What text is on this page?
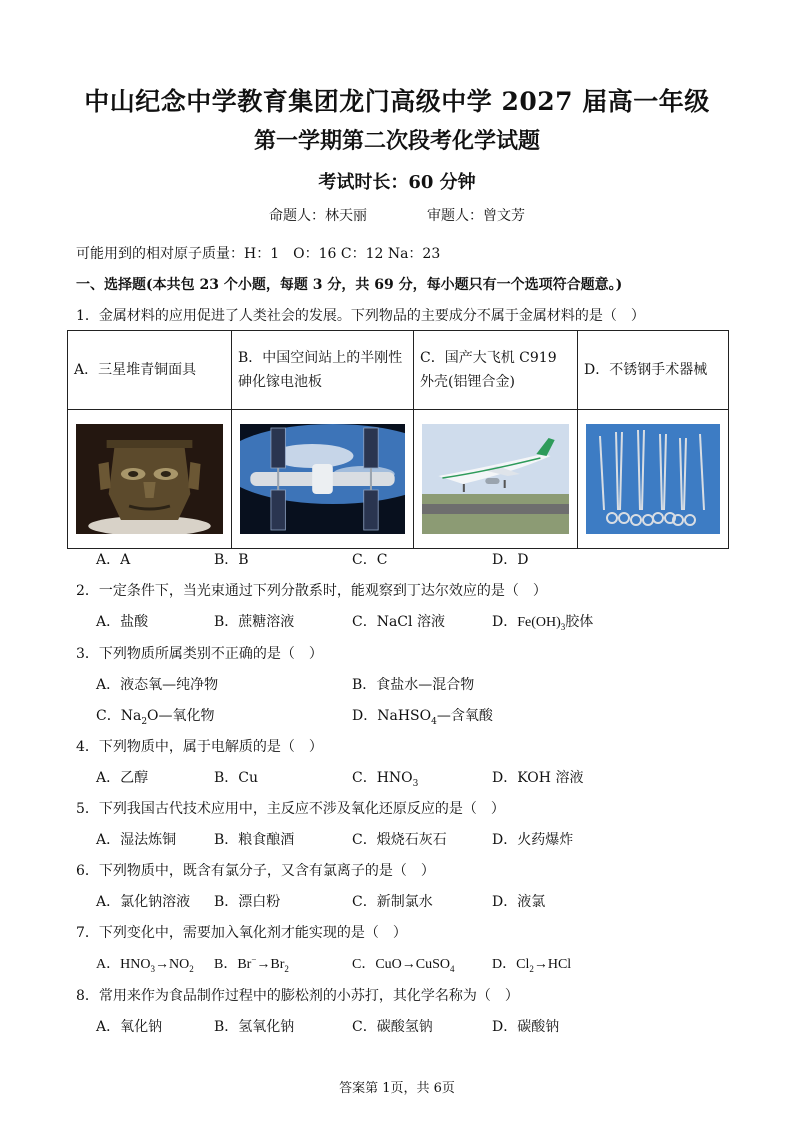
中山纪念中学教育集团龙门高级中学 2027 届高一年级
第一学期第二次段考化学试题
考试时长：60 分钟
命题人：林天丽	审题人：曾文芳
可能用到的相对原子质量：H：1　O：16 C：12 Na：23
一、选择题(本共包 23 个小题，每题 3 分，共 69 分，每小题只有一个选项符合题意。)
1．金属材料的应用促进了人类社会的发展。下列物品的主要成分不属于金属材料的是（　）
A．三星堆青铜面具	B．中国空间站上的半刚性砷化镓电池板	C．国产大飞机 C919 外壳(铝锂合金)	D．不锈钢手术器械

A．A	B．B	C．C	D．D
2．一定条件下，当光束通过下列分散系时，能观察到丁达尔效应的是（　）
A．盐酸	B．蔗糖溶液	C．NaCl 溶液	D．$Fe(OH)_3$胶体
3．下列物质所属类别不正确的是（　）
A．液态氧—纯净物	B．食盐水—混合物
C．$Na_2O—$氧化物	D．NaHSO$_4$—含氧酸
4．下列物质中，属于电解质的是（　）
A．乙醇	B．Cu	C．$HNO_3$	D．KOH 溶液
5．下列我国古代技术应用中，主反应不涉及氧化还原反应的是（　）
A．湿法炼铜	B．粮食酿酒	C．煅烧石灰石	D．火药爆炸
6．下列物质中，既含有氯分子，又含有氯离子的是（　）
A．氯化钠溶液 B．漂白粉	C．新制氯水	D．液氯
7．下列变化中，需要加入氧化剂才能实现的是（　）
A．$HNO_3\to NO_2$ B．$Br^-\to Br_2$	C．CuO→CuSO$_4$	D．$Cl_2\to HCl$
8．常用来作为食品制作过程中的膨松剂的小苏打，其化学名称为（　）
A．氧化钠	B．氢氧化钠	C．碳酸氢钠	D．碳酸钠
答案第 1页，共 6页
